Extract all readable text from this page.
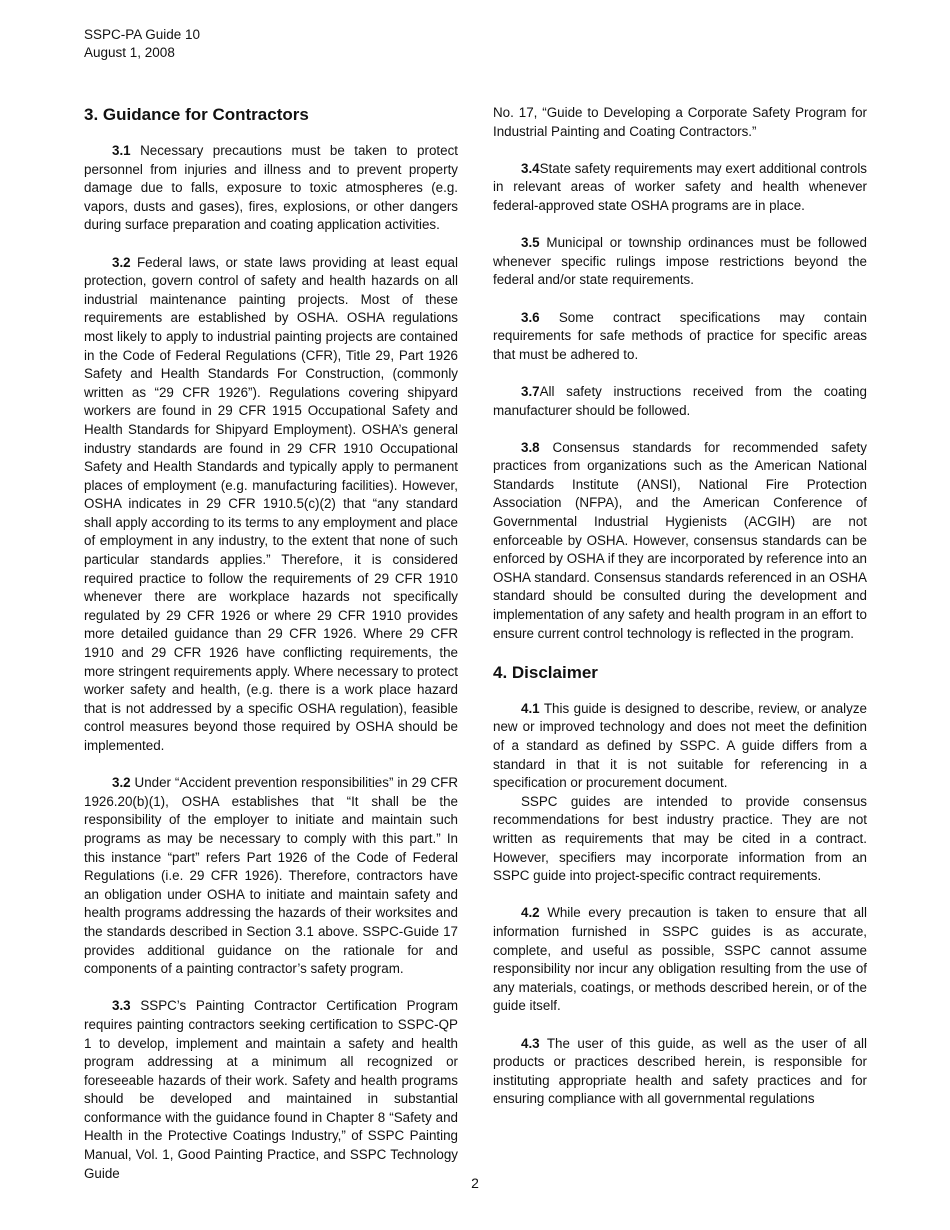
SSPC-PA Guide 10
August 1, 2008
3. Guidance for Contractors

3.1 Necessary precautions must be taken to protect personnel from injuries and illness and to prevent property damage due to falls, exposure to toxic atmospheres (e.g. vapors, dusts and gases), fires, explosions, or other dangers during surface preparation and coating application activities.

3.2 Federal laws, or state laws providing at least equal protection, govern control of safety and health hazards on all industrial maintenance painting projects. Most of these requirements are established by OSHA. OSHA regulations most likely to apply to industrial painting projects are contained in the Code of Federal Regulations (CFR), Title 29, Part 1926 Safety and Health Standards For Construction, (commonly written as “29 CFR 1926”). Regulations covering shipyard workers are found in 29 CFR 1915 Occupational Safety and Health Standards for Shipyard Employment). OSHA’s general industry standards are found in 29 CFR 1910 Occupational Safety and Health Standards and typically apply to permanent places of employment (e.g. manufacturing facilities). However, OSHA indicates in 29 CFR 1910.5(c)(2) that “any standard shall apply according to its terms to any employment and place of employment in any industry, to the extent that none of such particular standards applies.” Therefore, it is considered required practice to follow the requirements of 29 CFR 1910 whenever there are workplace hazards not specifically regulated by 29 CFR 1926 or where 29 CFR 1910 provides more detailed guidance than 29 CFR 1926. Where 29 CFR 1910 and 29 CFR 1926 have conflicting requirements, the more stringent requirements apply. Where necessary to protect worker safety and health, (e.g. there is a work place hazard that is not addressed by a specific OSHA regulation), feasible control measures beyond those required by OSHA should be implemented.

3.2 Under “Accident prevention responsibilities” in 29 CFR 1926.20(b)(1), OSHA establishes that “It shall be the responsibility of the employer to initiate and maintain such programs as may be necessary to comply with this part.” In this instance “part” refers Part 1926 of the Code of Federal Regulations (i.e. 29 CFR 1926). Therefore, contractors have an obligation under OSHA to initiate and maintain safety and health programs addressing the hazards of their worksites and the standards described in Section 3.1 above. SSPC-Guide 17 provides additional guidance on the rationale for and components of a painting contractor’s safety program.

3.3 SSPC’s Painting Contractor Certification Program requires painting contractors seeking certification to SSPC-QP 1 to develop, implement and maintain a safety and health program addressing at a minimum all recognized or foreseeable hazards of their work. Safety and health programs should be developed and maintained in substantial conformance with the guidance found in Chapter 8 “Safety and Health in the Protective Coatings Industry,” of SSPC Painting Manual, Vol. 1, Good Painting Practice, and SSPC Technology Guide

No. 17, “Guide to Developing a Corporate Safety Program for Industrial Painting and Coating Contractors.”

3.4State safety requirements may exert additional controls in relevant areas of worker safety and health whenever federal-approved state OSHA programs are in place.

3.5 Municipal or township ordinances must be followed whenever specific rulings impose restrictions beyond the federal and/or state requirements.

3.6 Some contract specifications may contain requirements for safe methods of practice for specific areas that must be adhered to.

3.7All safety instructions received from the coating manufacturer should be followed.

3.8 Consensus standards for recommended safety practices from organizations such as the American National Standards Institute (ANSI), National Fire Protection Association (NFPA), and the American Conference of Governmental Industrial Hygienists (ACGIH) are not enforceable by OSHA. However, consensus standards can be enforced by OSHA if they are incorporated by reference into an OSHA standard. Consensus standards referenced in an OSHA standard should be consulted during the development and implementation of any safety and health program in an effort to ensure current control technology is reflected in the program.

4. Disclaimer

4.1 This guide is designed to describe, review, or analyze new or improved technology and does not meet the definition of a standard as defined by SSPC. A guide differs from a standard in that it is not suitable for referencing in a specification or procurement document.

SSPC guides are intended to provide consensus recommendations for best industry practice. They are not written as requirements that may be cited in a contract. However, specifiers may incorporate information from an SSPC guide into project-specific contract requirements.

4.2 While every precaution is taken to ensure that all information furnished in SSPC guides is as accurate, complete, and useful as possible, SSPC cannot assume responsibility nor incur any obligation resulting from the use of any materials, coatings, or methods described herein, or of the guide itself.

4.3 The user of this guide, as well as the user of all products or practices described herein, is responsible for instituting appropriate health and safety practices and for ensuring compliance with all governmental regulations

2
